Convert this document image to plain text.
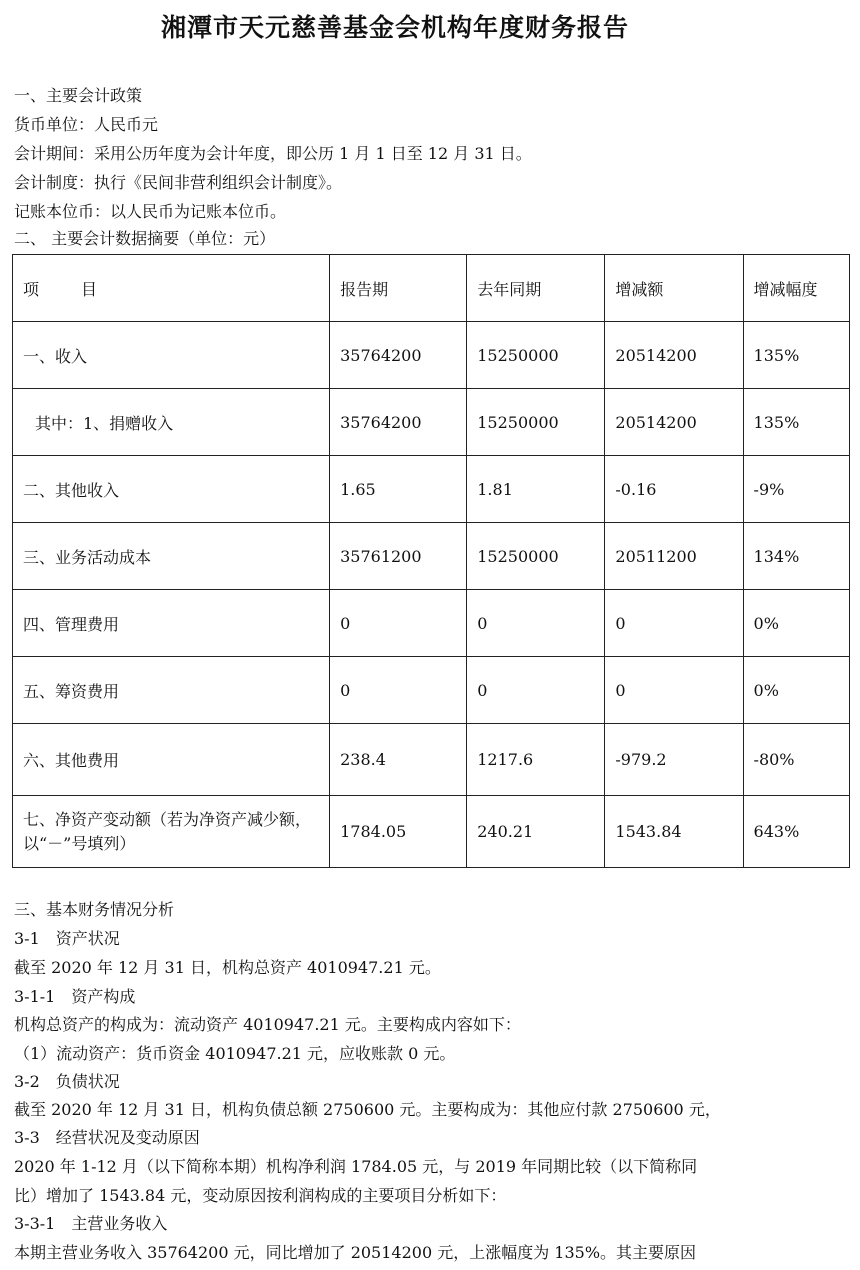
湘潭市天元慈善基金会机构年度财务报告
一、主要会计政策
货币单位：人民币元
会计期间：采用公历年度为会计年度，即公历 1 月 1 日至 12 月 31 日。
会计制度：执行《民间非营利组织会计制度》。
记账本位币：以人民币为记账本位币。
二、 主要会计数据摘要（单位：元）
项 目	报告期	去年同期	增减额	增减幅度
一、收入	35764200	15250000	20514200	135%
其中：1、捐赠收入	35764200	15250000	20514200	135%
二、其他收入	1.65	1.81	-0.16	-9%
三、业务活动成本	35761200	15250000	20511200	134%
四、管理费用	0	0	0	0%
五、筹资费用	0	0	0	0%
六、其他费用	238.4	1217.6	-979.2	-80%
七、净资产变动额（若为净资产减少额，以“－”号填列）	1784.05	240.21	1543.84	643%
三、基本财务情况分析
3-1　资产状况
截至 2020 年 12 月 31 日，机构总资产 4010947.21 元。
3-1-1　资产构成
机构总资产的构成为：流动资产 4010947.21 元。主要构成内容如下：
（1）流动资产：货币资金 4010947.21 元，应收账款 0 元。
3-2　负债状况
截至 2020 年 12 月 31 日，机构负债总额 2750600 元。主要构成为：其他应付款 2750600 元，
3-3　经营状况及变动原因
2020 年 1-12 月（以下简称本期）机构净利润 1784.05 元，与 2019 年同期比较（以下简称同
比）增加了 1543.84 元，变动原因按利润构成的主要项目分析如下：
3-3-1　主营业务收入
本期主营业务收入 35764200 元，同比增加了 20514200 元，上涨幅度为 135%。其主要原因
